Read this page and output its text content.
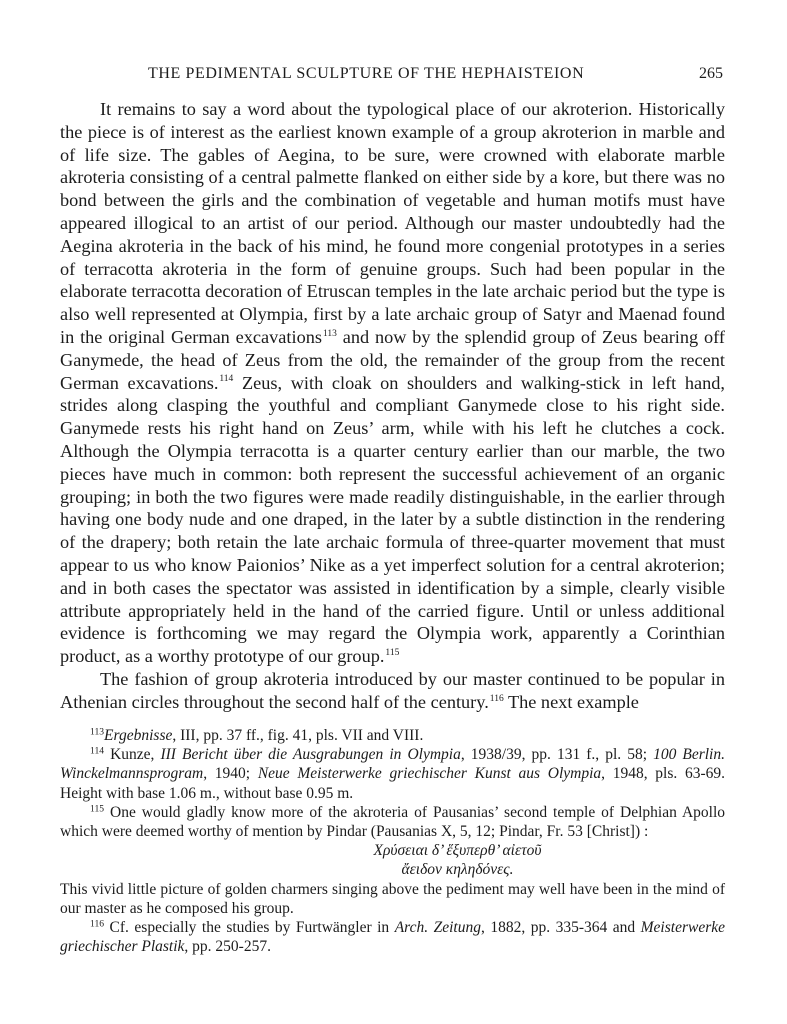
THE PEDIMENTAL SCULPTURE OF THE HEPHAISTEION	265

It remains to say a word about the typological place of our akroterion. Historically the piece is of interest as the earliest known example of a group akroterion in marble and of life size. The gables of Aegina, to be sure, were crowned with elaborate marble akroteria consisting of a central palmette flanked on either side by a kore, but there was no bond between the girls and the combination of vegetable and human motifs must have appeared illogical to an artist of our period. Although our master undoubtedly had the Aegina akroteria in the back of his mind, he found more congenial prototypes in a series of terracotta akroteria in the form of genuine groups. Such had been popular in the elaborate terracotta decoration of Etruscan temples in the late archaic period but the type is also well represented at Olympia, first by a late archaic group of Satyr and Maenad found in the original German excavations$^{113}$ and now by the splendid group of Zeus bearing off Ganymede, the head of Zeus from the old, the remainder of the group from the recent German excavations.$^{114}$ Zeus, with cloak on shoulders and walking-stick in left hand, strides along clasping the youthful and compliant Ganymede close to his right side. Ganymede rests his right hand on Zeus’ arm, while with his left he clutches a cock. Although the Olympia terracotta is a quarter century earlier than our marble, the two pieces have much in common: both represent the successful achievement of an organic grouping; in both the two figures were made readily distinguishable, in the earlier through having one body nude and one draped, in the later by a subtle distinction in the rendering of the drapery; both retain the late archaic formula of three-quarter movement that must appear to us who know Paionios’ Nike as a yet imperfect solution for a central akroterion; and in both cases the spectator was assisted in identification by a simple, clearly visible attribute appropriately held in the hand of the carried figure. Until or unless additional evidence is forthcoming we may regard the Olympia work, apparently a Corinthian product, as a worthy prototype of our group.$^{115}$

The fashion of group akroteria introduced by our master continued to be popular in Athenian circles throughout the second half of the century.$^{116}$ The next example

$^{113}$Ergebnisse, III, pp. 37 ff., fig. 41, pls. VII and VIII.

$^{114}$ Kunze, III Bericht über die Ausgrabungen in Olympia, 1938/39, pp. 131 f., pl. 58; 100 Berlin. Winckelmannsprogram, 1940; Neue Meisterwerke griechischer Kunst aus Olympia, 1948, pls. 63-69. Height with base 1.06 m., without base 0.95 m.

$^{115}$ One would gladly know more of the akroteria of Pausanias’ second temple of Delphian Apollo which were deemed worthy of mention by Pindar (Pausanias X, 5, 12; Pindar, Fr. 53 [Christ]) :

Χρύσειαι δ’ ἕξυπερθ’ αἰετοῦ

ἄειδον κηληδόνες.

This vivid little picture of golden charmers singing above the pediment may well have been in the mind of our master as he composed his group.

$^{116}$ Cf. especially the studies by Furtwängler in Arch. Zeitung, 1882, pp. 335-364 and Meisterwerke griechischer Plastik, pp. 250-257.
